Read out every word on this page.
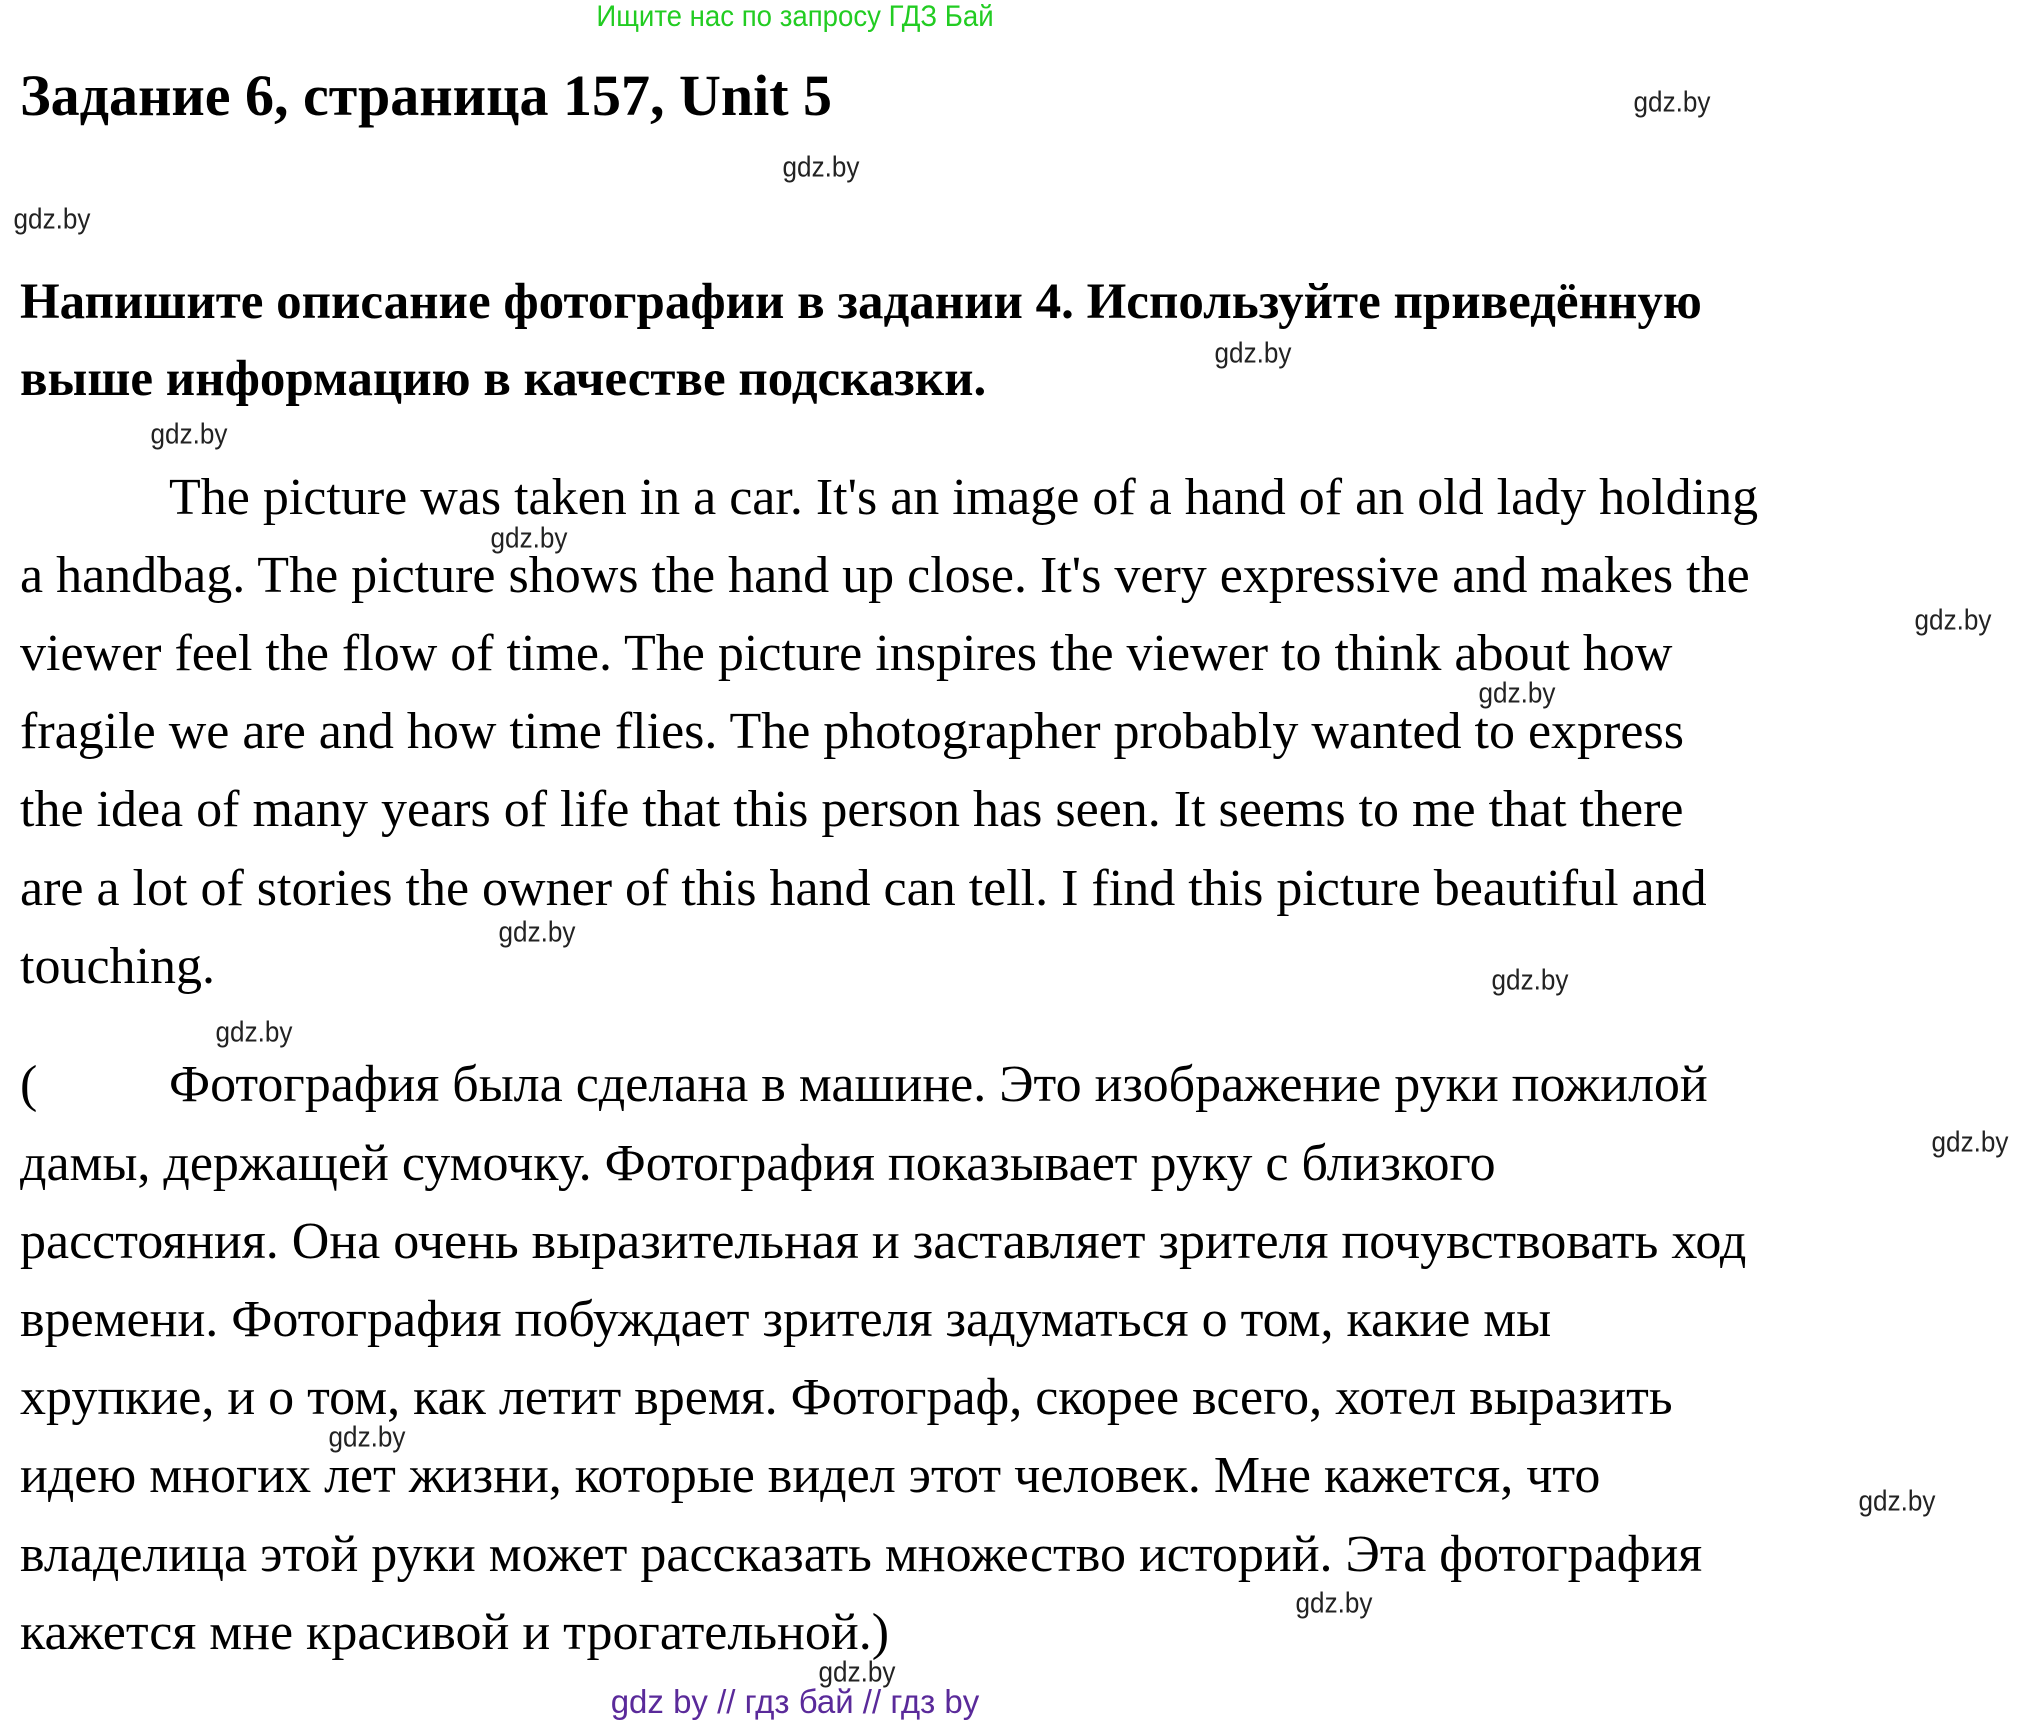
Ищите нас по запросу ГДЗ Бай
Задание 6, страница 157, Unit 5
Напишите описание фотографии в задании 4. Используйте приведённую
выше информацию в качестве подсказки.
The picture was taken in a car. It's an image of a hand of an old lady holding
a handbag. The picture shows the hand up close. It's very expressive and makes the
viewer feel the flow of time. The picture inspires the viewer to think about how
fragile we are and how time flies. The photographer probably wanted to express
the idea of many years of life that this person has seen. It seems to me that there
are a lot of stories the owner of this hand can tell. I find this picture beautiful and
touching.
Фотография была сделана в машине. Это изображение руки пожилой
дамы, держащей сумочку. Фотография показывает руку с близкого
расстояния. Она очень выразительная и заставляет зрителя почувствовать ход
времени. Фотография побуждает зрителя задуматься о том, какие мы
хрупкие, и о том, как летит время. Фотограф, скорее всего, хотел выразить
идею многих лет жизни, которые видел этот человек. Мне кажется, что
владелица этой руки может рассказать множество историй. Эта фотография
кажется мне красивой и трогательной.)
(
gdz.by
gdz.by
gdz.by
gdz.by
gdz.by
gdz.by
gdz.by
gdz.by
gdz.by
gdz.by
gdz.by
gdz.by
gdz.by
gdz.by
gdz.by
gdz.by
gdz by // гдз бай // гдз by
